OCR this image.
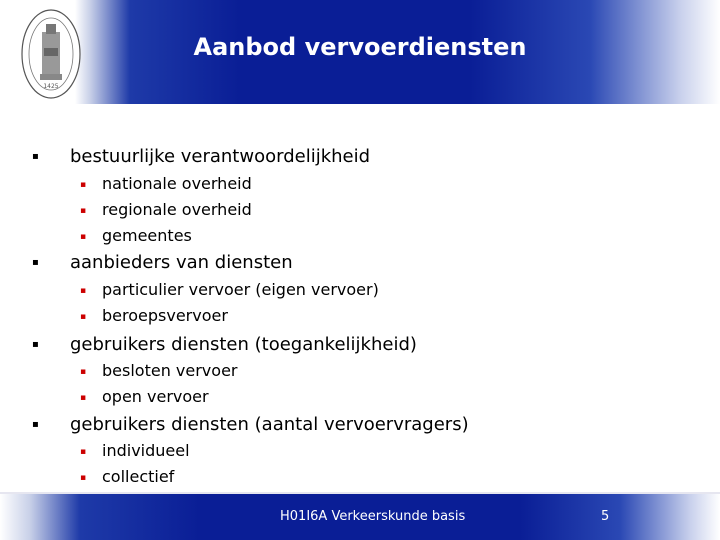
1425
Aanbod vervoerdiensten
▪ bestuurlijke verantwoordelijkheid
▪ nationale overheid
▪ regionale overheid
▪ gemeentes
▪ aanbieders van diensten
▪ particulier vervoer (eigen vervoer)
▪ beroepsvervoer
▪ gebruikers diensten (toegankelijkheid)
▪ besloten vervoer
▪ open vervoer
▪ gebruikers diensten (aantal vervoervragers)
▪ individueel
▪ collectief
H01I6A Verkeerskunde basis	5
